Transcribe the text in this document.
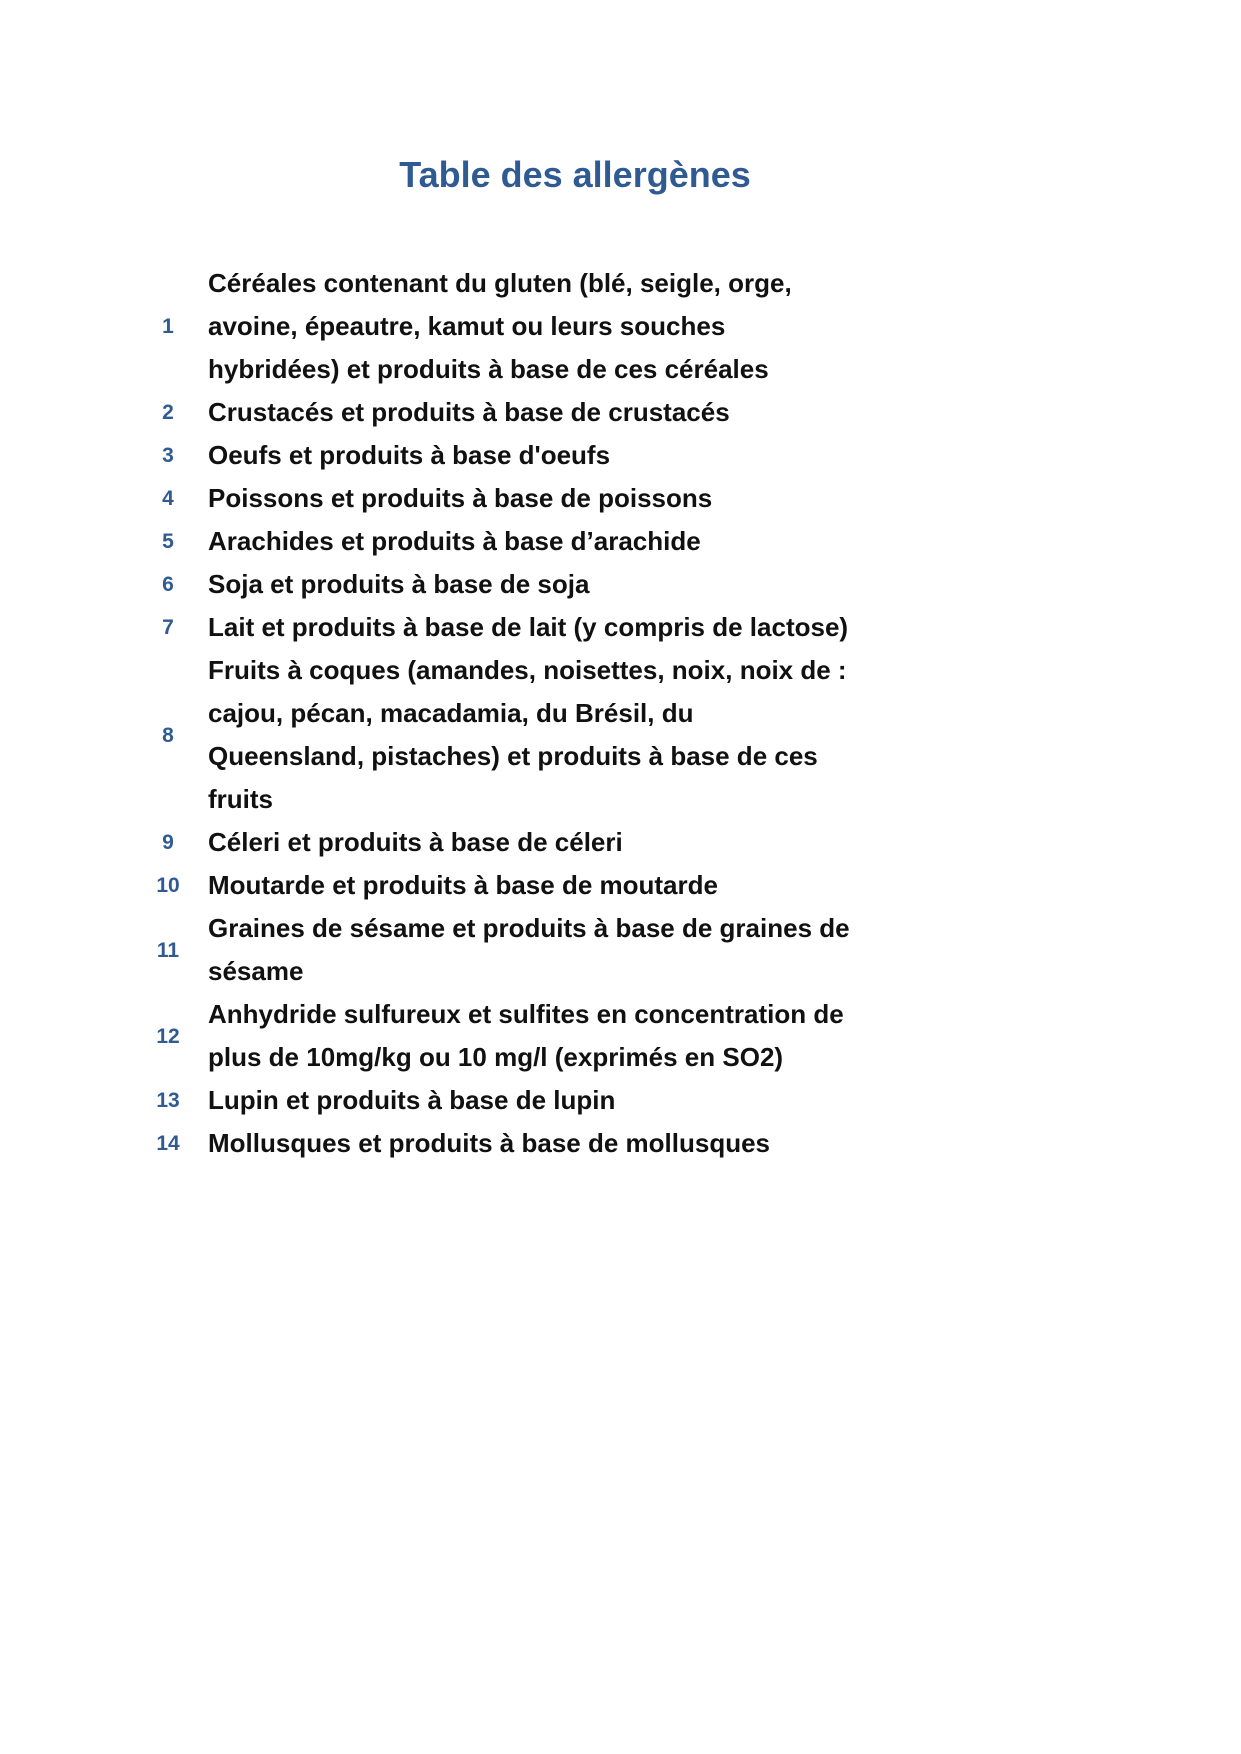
Table des allergènes
1	Céréales contenant du gluten (blé, seigle, orge,
avoine, épeautre, kamut ou leurs souches
hybridées) et produits à base de ces céréales

2	Crustacés et produits à base de crustacés

3	Oeufs et produits à base d'oeufs

4	Poissons et produits à base de poissons

5	Arachides et produits à base d’arachide

6	Soja et produits à base de soja

7	Lait et produits à base de lait (y compris de lactose)

8	Fruits à coques (amandes, noisettes, noix, noix de :
cajou, pécan, macadamia, du Brésil, du
Queensland, pistaches) et produits à base de ces
fruits

9	Céleri et produits à base de céleri

10	Moutarde et produits à base de moutarde

11	Graines de sésame et produits à base de graines de
sésame

12	Anhydride sulfureux et sulfites en concentration de
plus de 10mg/kg ou 10 mg/l (exprimés en SO2)

13	Lupin et produits à base de lupin

14	Mollusques et produits à base de mollusques
